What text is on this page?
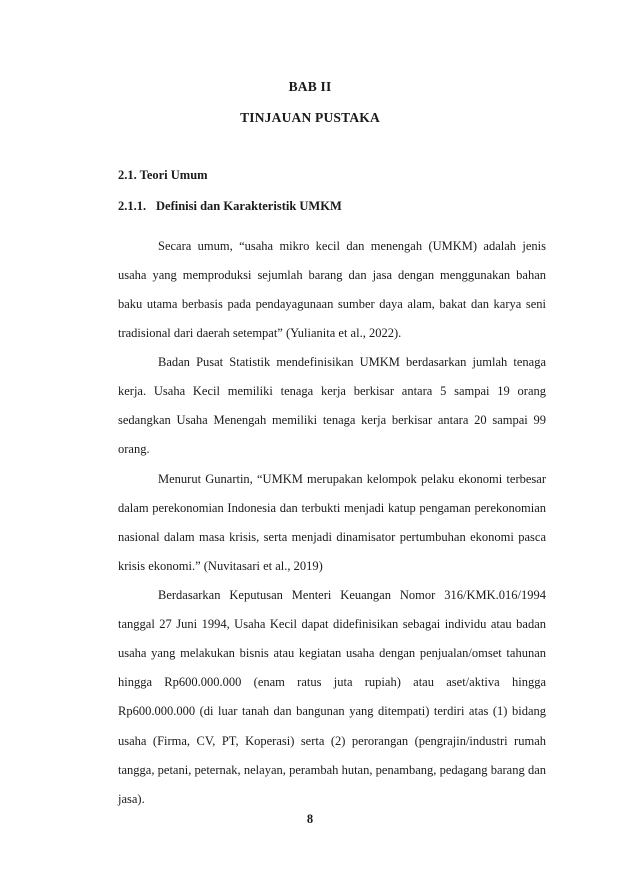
BAB II
TINJAUAN PUSTAKA
2.1. Teori Umum
2.1.1. Definisi dan Karakteristik UMKM

Secara umum, “usaha mikro kecil dan menengah (UMKM) adalah jenis usaha yang memproduksi sejumlah barang dan jasa dengan menggunakan bahan baku utama berbasis pada pendayagunaan sumber daya alam, bakat dan karya seni tradisional dari daerah setempat” (Yulianita et al., 2022).

Badan Pusat Statistik mendefinisikan UMKM berdasarkan jumlah tenaga kerja. Usaha Kecil memiliki tenaga kerja berkisar antara 5 sampai 19 orang sedangkan Usaha Menengah memiliki tenaga kerja berkisar antara 20 sampai 99 orang.

Menurut Gunartin, “UMKM merupakan kelompok pelaku ekonomi terbesar dalam perekonomian Indonesia dan terbukti menjadi katup pengaman perekonomian nasional dalam masa krisis, serta menjadi dinamisator pertumbuhan ekonomi pasca krisis ekonomi.” (Nuvitasari et al., 2019)

Berdasarkan Keputusan Menteri Keuangan Nomor 316/KMK.016/1994 tanggal 27 Juni 1994, Usaha Kecil dapat didefinisikan sebagai individu atau badan usaha yang melakukan bisnis atau kegiatan usaha dengan penjualan/omset tahunan hingga Rp600.000.000 (enam ratus juta rupiah) atau aset/aktiva hingga Rp600.000.000 (di luar tanah dan bangunan yang ditempati) terdiri atas (1) bidang usaha (Firma, CV, PT, Koperasi) serta (2) perorangan (pengrajin/industri rumah tangga, petani, peternak, nelayan, perambah hutan, penambang, pedagang barang dan jasa).

8
